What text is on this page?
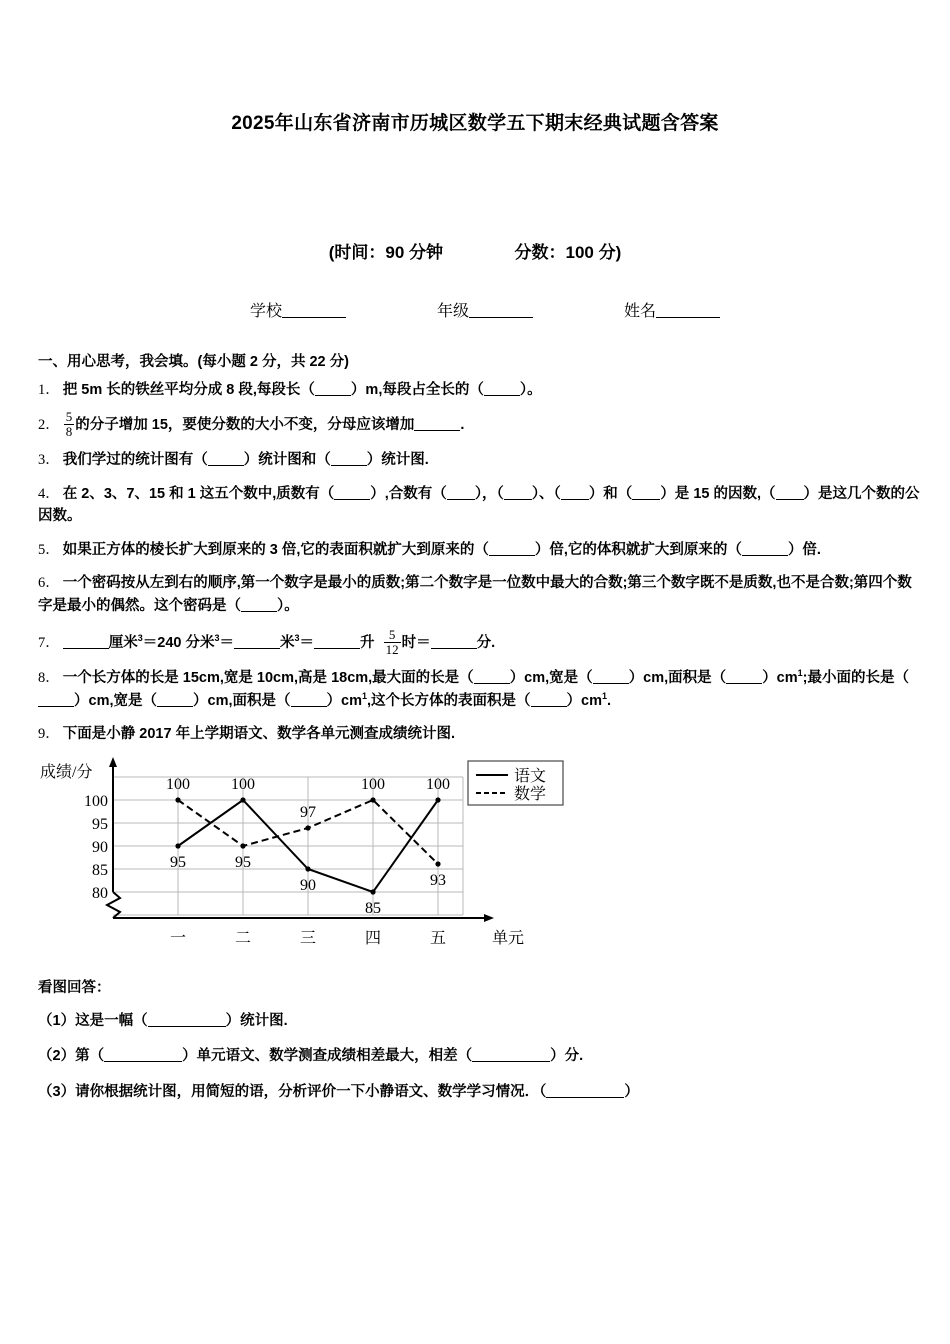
2025年山东省济南市历城区数学五下期末经典试题含答案
(时间：90 分钟	分数：100 分)
学校	年级	姓名
一、用心思考，我会填。(每小题 2 分，共 22 分)
1． 把 5m 长的铁丝平均分成 8 段,每段长（ ）m,每段占全长的（ ）。
2． $\frac{5}{8}$ 的分子增加 15，要使分数的大小不变，分母应该增加	.
3． 我们学过的统计图有（ ）统计图和（ ）统计图.
4． 在 2、3、7、15 和 1 这五个数中,质数有（ ）,合数有（ ），（ ）、（ ）和（ ）是 15 的因数,（ ）是这几个数的公因数。
5． 如果正方体的棱长扩大到原来的 3 倍,它的表面积就扩大到原来的（	）倍,它的体积就扩大到原来的（	）倍.
6． 一个密码按从左到右的顺序,第一个数字是最小的质数;第二个数字是一位数中最大的合数;第三个数字既不是质数,也不是合数;第四个数字是最小的偶然。这个密码是（ ）。
7．	厘米$^3$＝240 分米$^3$＝	米$^3$＝	升 $\frac{5}{12}$ 时＝	分.
8． 一个长方体的长是 15cm,宽是 10cm,高是 18cm,最大面的长是（ ）cm,宽是（ ）cm,面积是（ ）$cm^1$;最小面的长是（）cm,宽是（ ）cm,面积是（ ）$cm^1$,这个长方体的表面积是（ ）$cm^1$.
9． 下面是小静 2017 年上学期语文、数学各单元测查成绩统计图.
100
95
90
85
80
成绩/分
一	二	三	四	五	单元
95
100
90
85
100
100
95
97
100
93
语文
数学
看图回答：
（1）这是一幅（	）统计图.
（2）第（	）单元语文、数学测查成绩相差最大，相差（	）分.
（3）请你根据统计图，用简短的语，分析评价一下小静语文、数学学习情况．（	）
